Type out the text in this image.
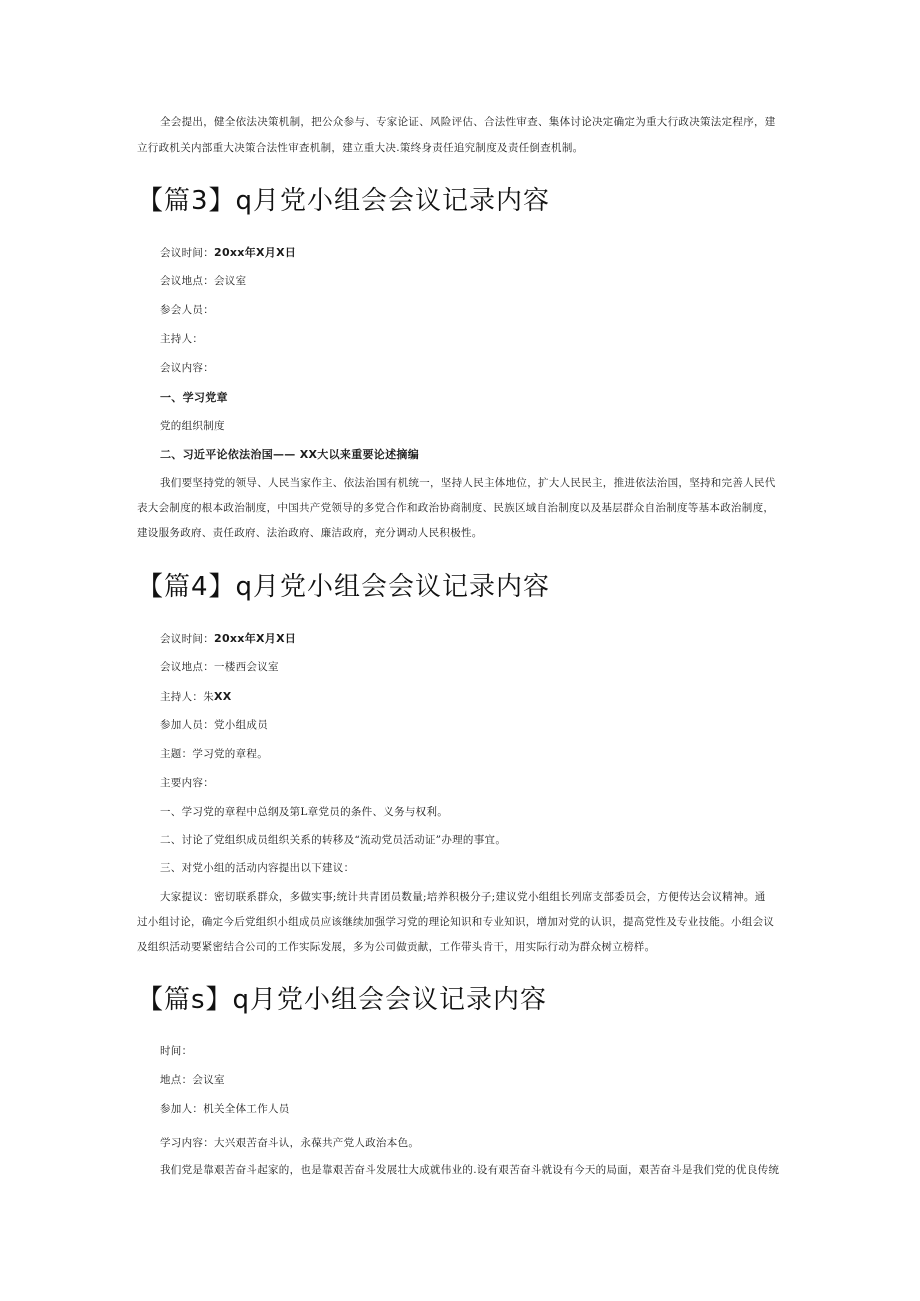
全会提出，健全依法决策机制，把公众参与、专家论证、风险评估、合法性审查、集体讨论决定确定为重大行政决策法定程序，建
立行政机关内部重大决策合法性审查机制，建立重大决.策终身责任追究制度及责任倒查机制。
【篇3】q月党小组会会议记录内容
会议时间：20xx年X月X日
会议地点：会议室
参会人员：
主持人：
会议内容：
一、学习党章
党的组织制度
二、习近平论依法治国—— XX大以来重要论述摘编
我们要坚持党的领导、人民当家作主、依法治国有机统一，坚持人民主体地位，扩大人民民主，推进依法治国，坚持和完善人民代
表大会制度的根本政治制度，中国共产党领导的多党合作和政治协商制度、民族区域自治制度以及基层群众自治制度等基本政治制度，
建设服务政府、责任政府、法治政府、廉洁政府，充分调动人民积极性。
【篇4】q月党小组会会议记录内容
会议时间：20xx年X月X日
会议地点：一楼西会议室
主持人：朱XX
参加人员：党小组成员
主题：学习党的章程。
主要内容：
一、学习党的章程中总纲及第L章党员的条件、义务与权利。
二、讨论了党组织成员组织关系的转移及“流动党员活动证”办理的事宜。
三、对党小组的活动内容提出以下建议：
大家提议：密切联系群众，多做实事;统计共青团员数量;培养积极分子;建议党小组组长列席支部委员会，方便传达会议精神。通
过小组讨论，确定今后党组织小组成员应该继续加强学习党的理论知识和专业知识，增加对党的认识，提高党性及专业技能。小组会议
及组织活动要紧密结合公司的工作实际发展，多为公司做贡献，工作带头肯干，用实际行动为群众树立榜样。
【篇s】q月党小组会会议记录内容
时间：
地点：会议室
参加人：机关全体工作人员
学习内容：大兴艰苦奋斗认，永葆共产党人政治本色。
我们党是靠艰苦奋斗起家的，也是靠艰苦奋斗发展壮大成就伟业的.设有艰苦奋斗就设有今天的局面，艰苦奋斗是我们党的优良传统
